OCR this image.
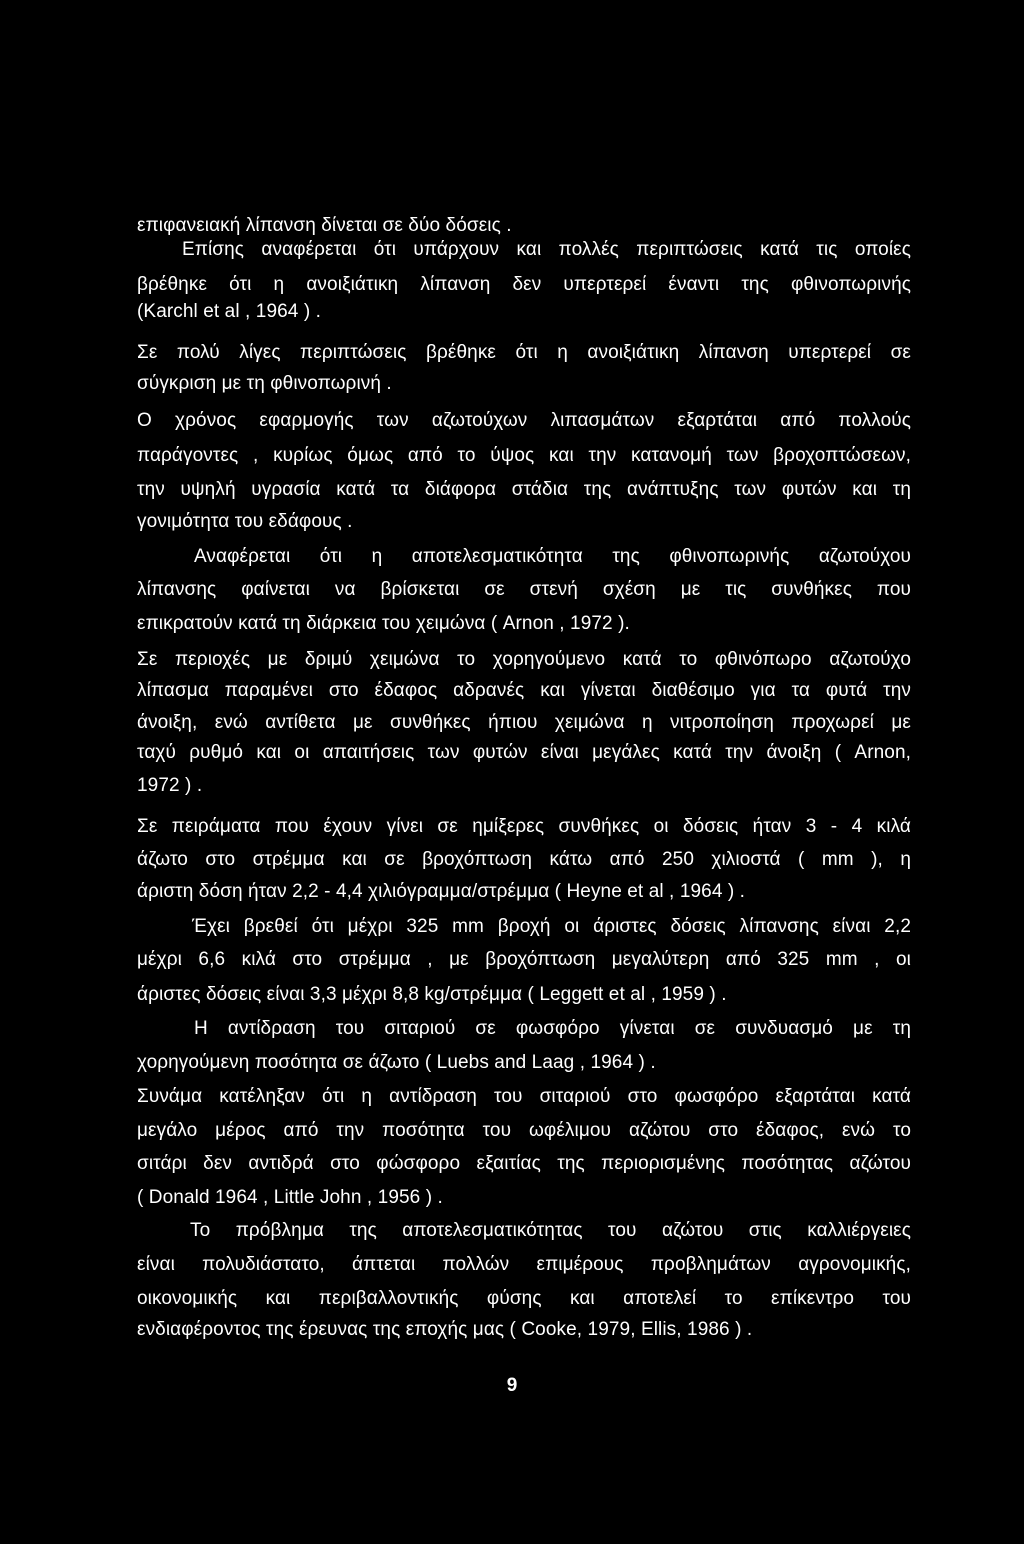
επιφανειακή λίπανση δίνεται σε δύο δόσεις .
Επίσης αναφέρεται ότι υπάρχουν και πολλές περιπτώσεις κατά τις οποίες
βρέθηκε ότι η ανοιξιάτικη λίπανση δεν υπερτερεί έναντι της φθινοπωρινής
(Karchl et al , 1964 ) .
Σε πολύ λίγες περιπτώσεις βρέθηκε ότι η ανοιξιάτικη λίπανση υπερτερεί σε
σύγκριση με τη φθινοπωρινή .
Ο χρόνος εφαρμογής των αζωτούχων λιπασμάτων εξαρτάται από πολλούς
παράγοντες , κυρίως όμως από το ύψος και την κατανομή των βροχοπτώσεων,
την υψηλή υγρασία κατά τα διάφορα στάδια της ανάπτυξης των φυτών και τη
γονιμότητα του εδάφους .
Αναφέρεται ότι η αποτελεσματικότητα της φθινοπωρινής αζωτούχου
λίπανσης φαίνεται να βρίσκεται σε στενή σχέση με τις συνθήκες που
επικρατούν κατά τη διάρκεια του χειμώνα ( Arnon , 1972 ).
Σε περιοχές με δριμύ χειμώνα το χορηγούμενο κατά το φθινόπωρο αζωτούχο
λίπασμα παραμένει στο έδαφος αδρανές και γίνεται διαθέσιμο για τα φυτά την
άνοιξη, ενώ αντίθετα με συνθήκες ήπιου χειμώνα η νιτροποίηση προχωρεί με
ταχύ ρυθμό και οι απαιτήσεις των φυτών είναι μεγάλες κατά την άνοιξη ( Arnon,
1972 ) .
Σε πειράματα που έχουν γίνει σε ημίξερες συνθήκες οι δόσεις ήταν 3 - 4 κιλά
άζωτο στο στρέμμα και σε βροχόπτωση κάτω από 250 χιλιοστά ( mm ), η
άριστη δόση ήταν 2,2 - 4,4 χιλιόγραμμα/στρέμμα ( Heyne et al , 1964 ) .
Έχει βρεθεί ότι μέχρι 325 mm βροχή οι άριστες δόσεις λίπανσης είναι 2,2
μέχρι 6,6 κιλά στο στρέμμα , με βροχόπτωση μεγαλύτερη από 325 mm , οι
άριστες δόσεις είναι 3,3 μέχρι 8,8 kg/στρέμμα ( Leggett et al , 1959 ) .
Η αντίδραση του σιταριού σε φωσφόρο γίνεται σε συνδυασμό με τη
χορηγούμενη ποσότητα σε άζωτο ( Luebs and Laag , 1964 ) .
Συνάμα κατέληξαν ότι η αντίδραση του σιταριού στο φωσφόρο εξαρτάται κατά
μεγάλο μέρος από την ποσότητα του ωφέλιμου αζώτου στο έδαφος, ενώ το
σιτάρι δεν αντιδρά στο φώσφορο εξαιτίας της περιορισμένης ποσότητας αζώτου
( Donald 1964 , Little John , 1956 ) .
Το πρόβλημα της αποτελεσματικότητας του αζώτου στις καλλιέργειες
είναι πολυδιάστατο, άπτεται πολλών επιμέρους προβλημάτων αγρονομικής,
οικονομικής και περιβαλλοντικής φύσης και αποτελεί το επίκεντρο του
ενδιαφέροντος της έρευνας της εποχής μας ( Cooke, 1979, Ellis, 1986 ) .
9
